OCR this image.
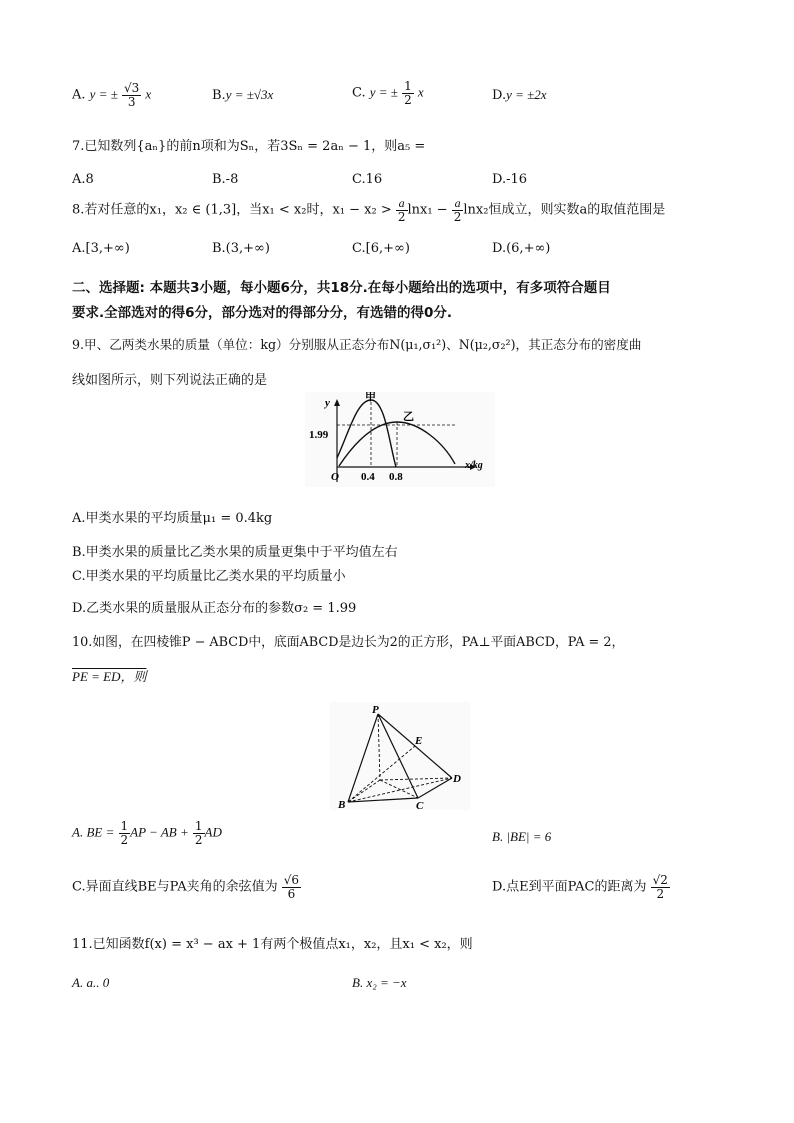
A. y = ± $\frac{√3}{3}$ x	B.y = ±√3x	C. y = ± $\frac{1}{2}$ x	D.y = ±2x
7.已知数列{aₙ}的前n项和为Sₙ，若3Sₙ = 2aₙ − 1，则a₅ =
A.8	B.-8	C.16	D.-16
8.若对任意的x₁，x₂ ∈ (1,3]，当x₁ < x₂时，$x_1 - x_2 > \frac{a}{2} \ln x_1 - \frac{a}{2} \ln x_2$恒成立，则实数a的取值范围是
A.[3,+∞)	B.(3,+∞)	C.[6,+∞)	D.(6,+∞)
二、选择题: 本题共3小题，每小题6分，共18分.在每小题给出的选项中，有多项符合题目
要求.全部选对的得6分，部分选对的得部分分，有选错的得0分.
9.甲、乙两类水果的质量（单位：kg）分别服从正态分布N(μ₁,σ₁²)、N(μ₂,σ₂²)，其正态分布的密度曲
线如图所示，则下列说法正确的是
y	甲
乙
1.99
O 0.4 0.8
x/kg
A.甲类水果的平均质量μ₁ = 0.4kg
B.甲类水果的质量比乙类水果的质量更集中于平均值左右
C.甲类水果的平均质量比乙类水果的平均质量小
D.乙类水果的质量服从正态分布的参数σ₂ = 1.99
10.如图，在四棱锥P − ABCD中，底面ABCD是边长为2的正方形，PA⊥平面ABCD，PA = 2，
PE = ED，则
P
E
D
B	C
A. BE = $\frac{1}{2}$ AP − AB + $\frac{1}{2}$ AD	B. |BE| = 6
C.异面直线BE与PA夹角的余弦值为 $\frac{√6}{6}$	D.点E到平面PAC的距离为 $\frac{√2}{2}$
11.已知函数f(x) = x³ − ax + 1有两个极值点x₁，x₂，且x₁ < x₂，则
A. a.. 0	B. x₂ = −x
